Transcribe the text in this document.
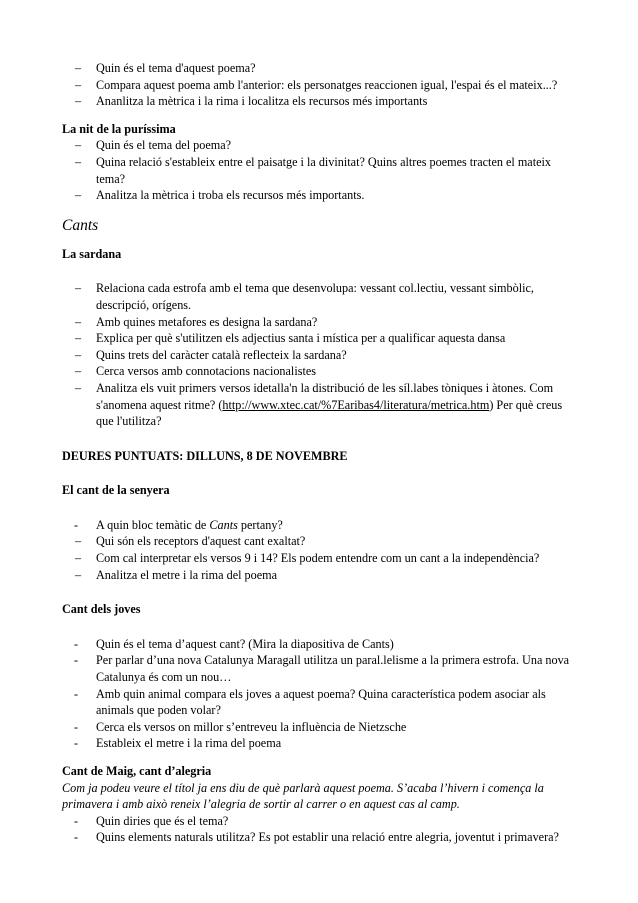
– Quin és el tema d'aquest poema?
– Compara aquest poema amb l'anterior: els personatges reaccionen igual, l'espai és el mateix...?
– Ananlitza la mètrica i la rima i localitza els recursos més importants
La nit de la puríssima
– Quin és el tema del poema?
– Quina relació s'estableix entre el paisatge i la divinitat? Quins altres poemes tracten el mateix tema?
– Analitza la mètrica i troba els recursos més importants.
Cants
La sardana
– Relaciona cada estrofa amb el tema que desenvolupa: vessant col.lectiu, vessant simbòlic, descripció, orígens.
– Amb quines metafores es designa la sardana?
– Explica per què s'utilitzen els adjectius santa i mística per a qualificar aquesta dansa
– Quins trets del caràcter català reflecteix la sardana?
– Cerca versos amb connotacions nacionalistes
– Analitza els vuit primers versos idetalla'n la distribució de les síl.labes tòniques i àtones. Com s'anomena aquest ritme? (http://www.xtec.cat/%7Earibas4/literatura/metrica.htm) Per què creus que l'utilitza?
DEURES PUNTUATS: DILLUNS, 8 DE NOVEMBRE
El cant de la senyera
- A quin bloc temàtic de Cants pertany?
– Qui són els receptors d'aquest cant exaltat?
– Com cal interpretar els versos 9 i 14? Els podem entendre com un cant a la independència?
– Analitza el metre i la rima del poema
Cant dels joves
- Quin és el tema d’aquest cant? (Mira la diapositiva de Cants)
- Per parlar d’una nova Catalunya Maragall utilitza un paral.lelisme a la primera estrofa. Una nova Catalunya és com un nou…
- Amb quin animal compara els joves a aquest poema? Quina característica podem asociar als animals que poden volar?
- Cerca els versos on millor s’entreveu la influència de Nietzsche
- Estableix el metre i la rima del poema
Cant de Maig, cant d’alegria
Com ja podeu veure el títol ja ens diu de què parlarà aquest poema. S’acaba l’hivern i comença la primavera i amb això reneix l’alegria de sortir al carrer o en aquest cas al camp.
- Quin diries que és el tema?
- Quins elements naturals utilitza? Es pot establir una relació entre alegria, joventut i primavera?
